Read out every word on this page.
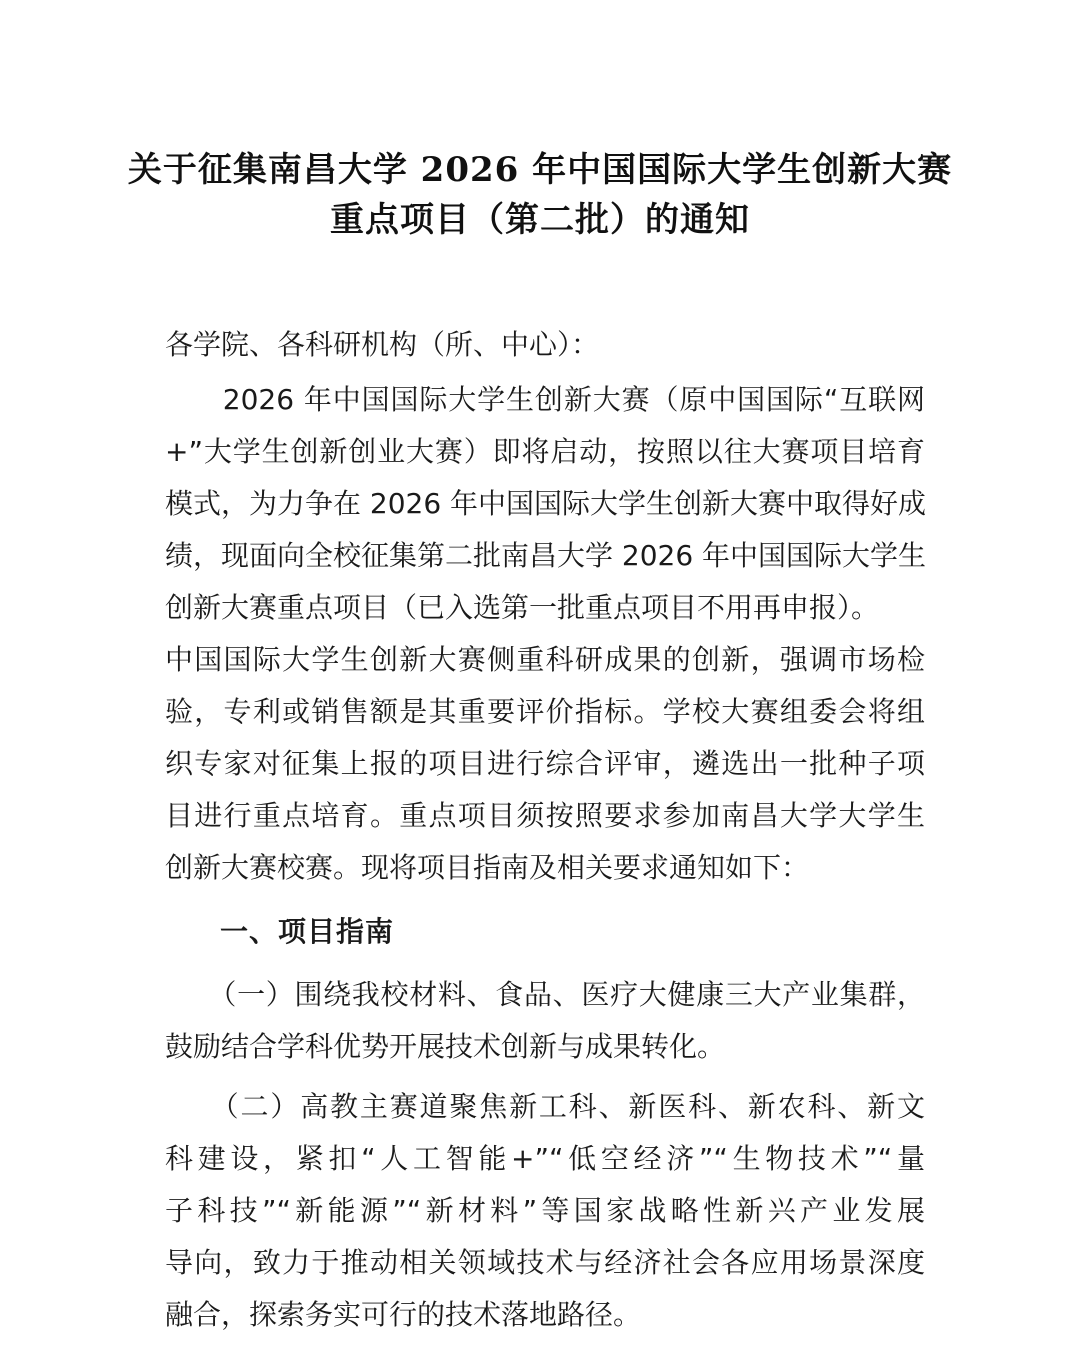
关于征集南昌大学 2026 年中国国际大学生创新大赛
重点项目（第二批）的通知
各学院、各科研机构（所、中心）：
　　2026 年中国国际大学生创新大赛（原中国国际“互联网
+”大学生创新创业大赛）即将启动，按照以往大赛项目培育
模式，为力争在 2026 年中国国际大学生创新大赛中取得好成
绩，现面向全校征集第二批南昌大学 2026 年中国国际大学生
创新大赛重点项目（已入选第一批重点项目不用再申报）。
中国国际大学生创新大赛侧重科研成果的创新，强调市场检
验，专利或销售额是其重要评价指标。学校大赛组委会将组
织专家对征集上报的项目进行综合评审，遴选出一批种子项
目进行重点培育。重点项目须按照要求参加南昌大学大学生
创新大赛校赛。现将项目指南及相关要求通知如下：
一、项目指南
　　（一）围绕我校材料、食品、医疗大健康三大产业集群，
鼓励结合学科优势开展技术创新与成果转化。
　　（二）高教主赛道聚焦新工科、新医科、新农科、新文
科建设，紧扣“人工智能+”“低空经济”“生物技术”“量
子科技”“新能源”“新材料”等国家战略性新兴产业发展
导向，致力于推动相关领域技术与经济社会各应用场景深度
融合，探索务实可行的技术落地路径。
